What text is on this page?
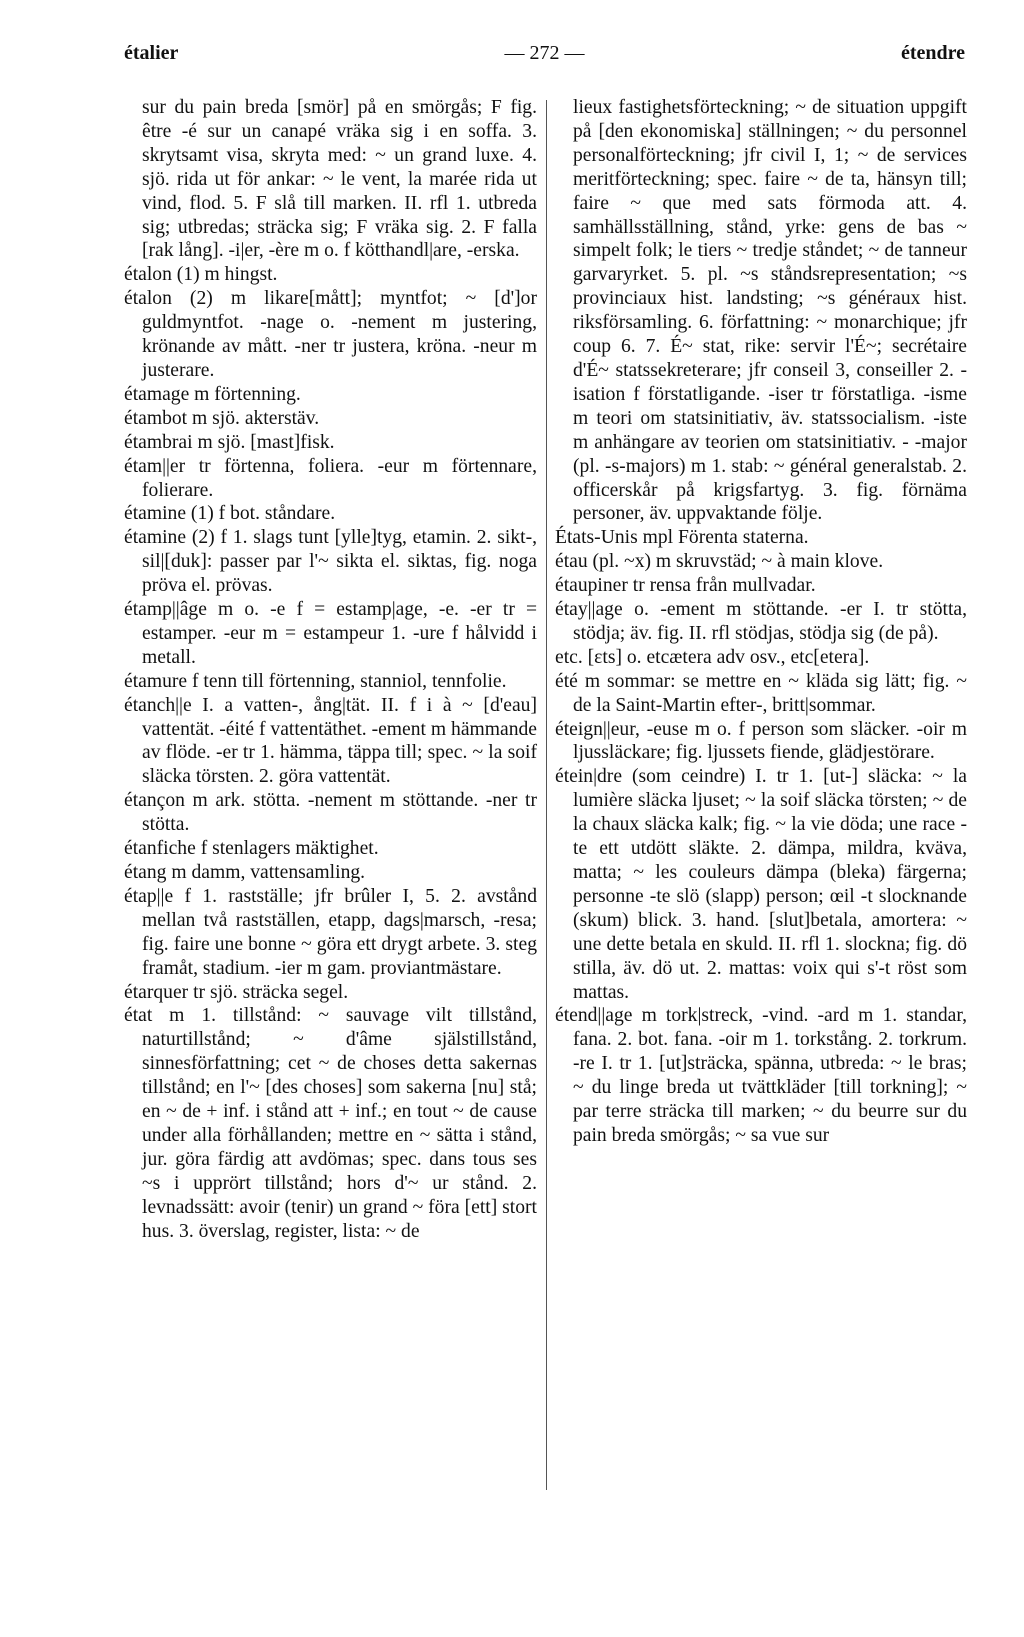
étalier	— 272 —	étendre

sur du pain breda [smör] på en smörgås; F fig. être -é sur un canapé vräka sig i en soffa. 3. skrytsamt visa, skryta med: ~ un grand luxe. 4. sjö. rida ut för ankar: ~ le vent, la marée rida ut vind, flod. 5. F slå till marken. II. rfl 1. utbreda sig; utbredas; sträcka sig; F vräka sig. 2. F falla [rak lång]. -i|er, -ère m o. f kötthandl|are, -erska.

étalon (1) m hingst.

étalon (2) m likare[mått]; myntfot; ~ [d']or guldmyntfot. -nage o. -nement m justering, krönande av mått. -ner tr justera, kröna. -neur m justerare.

étamage m förtenning.

étambot m sjö. akterstäv.

étambrai m sjö. [mast]fisk.

étam||er tr förtenna, foliera. -eur m förtennare, folierare.

étamine (1) f bot. ståndare.

étamine (2) f 1. slags tunt [ylle]tyg, etamin. 2. sikt-, sil|[duk]: passer par l'~ sikta el. siktas, fig. noga pröva el. prövas.

étamp||âge m o. -e f = estamp|age, -e. -er tr = estamper. -eur m = estampeur 1. -ure f hålvidd i metall.

étamure f tenn till förtenning, stanniol, tennfolie.

étanch||e I. a vatten-, ång|tät. II. f i à ~ [d'eau] vattentät. -éité f vattentäthet. -ement m hämmande av flöde. -er tr 1. hämma, täppa till; spec. ~ la soif släcka törsten. 2. göra vattentät.

étançon m ark. stötta. -nement m stöttande. -ner tr stötta.

étanfiche f stenlagers mäktighet.

étang m damm, vattensamling.

étap||e f 1. rastställe; jfr brûler I, 5. 2. avstånd mellan två rastställen, etapp, dags|marsch, -resa; fig. faire une bonne ~ göra ett drygt arbete. 3. steg framåt, stadium. -ier m gam. proviantmästare.

étarquer tr sjö. sträcka segel.

état m 1. tillstånd: ~ sauvage vilt tillstånd, naturtillstånd; ~ d'âme själstillstånd, sinnesförfattning; cet ~ de choses detta sakernas tillstånd; en l'~ [des choses] som sakerna [nu] stå; en ~ de + inf. i stånd att + inf.; en tout ~ de cause under alla förhållanden; mettre en ~ sätta i stånd, jur. göra färdig att avdömas; spec. dans tous ses ~s i upprört tillstånd; hors d'~ ur stånd. 2. levnadssätt: avoir (tenir) un grand ~ föra [ett] stort hus. 3. överslag, register, lista: ~ de

lieux fastighetsförteckning; ~ de situation uppgift på [den ekonomiska] ställningen; ~ du personnel personalförteckning; jfr civil I, 1; ~ de services meritförteckning; spec. faire ~ de ta, hänsyn till; faire ~ que med sats förmoda att. 4. samhällsställning, stånd, yrke: gens de bas ~ simpelt folk; le tiers ~ tredje ståndet; ~ de tanneur garvaryrket. 5. pl. ~s ståndsrepresentation; ~s provinciaux hist. landsting; ~s généraux hist. riksförsamling. 6. författning: ~ monarchique; jfr coup 6. 7. É~ stat, rike: servir l'É~; secrétaire d'É~ statssekreterare; jfr conseil 3, conseiller 2. -isation f förstatligande. -iser tr förstatliga. -isme m teori om statsinitiativ, äv. statssocialism. -iste m anhängare av teorien om statsinitiativ. - -major (pl. -s-majors) m 1. stab: ~ général generalstab. 2. officerskår på krigsfartyg. 3. fig. förnäma personer, äv. uppvaktande följe.

États-Unis mpl Förenta staterna.

étau (pl. ~x) m skruvstäd; ~ à main klove.

étaupiner tr rensa från mullvadar.

étay||age o. -ement m stöttande. -er I. tr stötta, stödja; äv. fig. II. rfl stödjas, stödja sig (de på).

etc. [ɛts] o. etcætera adv osv., etc[etera].

été m sommar: se mettre en ~ kläda sig lätt; fig. ~ de la Saint-Martin efter-, britt|sommar.

éteign||eur, -euse m o. f person som släcker. -oir m ljussläckare; fig. ljussets fiende, glädjestörare.

étein|dre (som ceindre) I. tr 1. [ut-] släcka: ~ la lumière släcka ljuset; ~ la soif släcka törsten; ~ de la chaux släcka kalk; fig. ~ la vie döda; une race -te ett utdött släkte. 2. dämpa, mildra, kväva, matta; ~ les couleurs dämpa (bleka) färgerna; personne -te slö (slapp) person; œil -t slocknande (skum) blick. 3. hand. [slut]betala, amortera: ~ une dette betala en skuld. II. rfl 1. slockna; fig. dö stilla, äv. dö ut. 2. mattas: voix qui s'-t röst som mattas.

étend||age m tork|streck, -vind. -ard m 1. standar, fana. 2. bot. fana. -oir m 1. torkstång. 2. torkrum. -re I. tr 1. [ut]sträcka, spänna, utbreda: ~ le bras; ~ du linge breda ut tvättkläder [till torkning]; ~ par terre sträcka till marken; ~ du beurre sur du pain breda smörgås; ~ sa vue sur
